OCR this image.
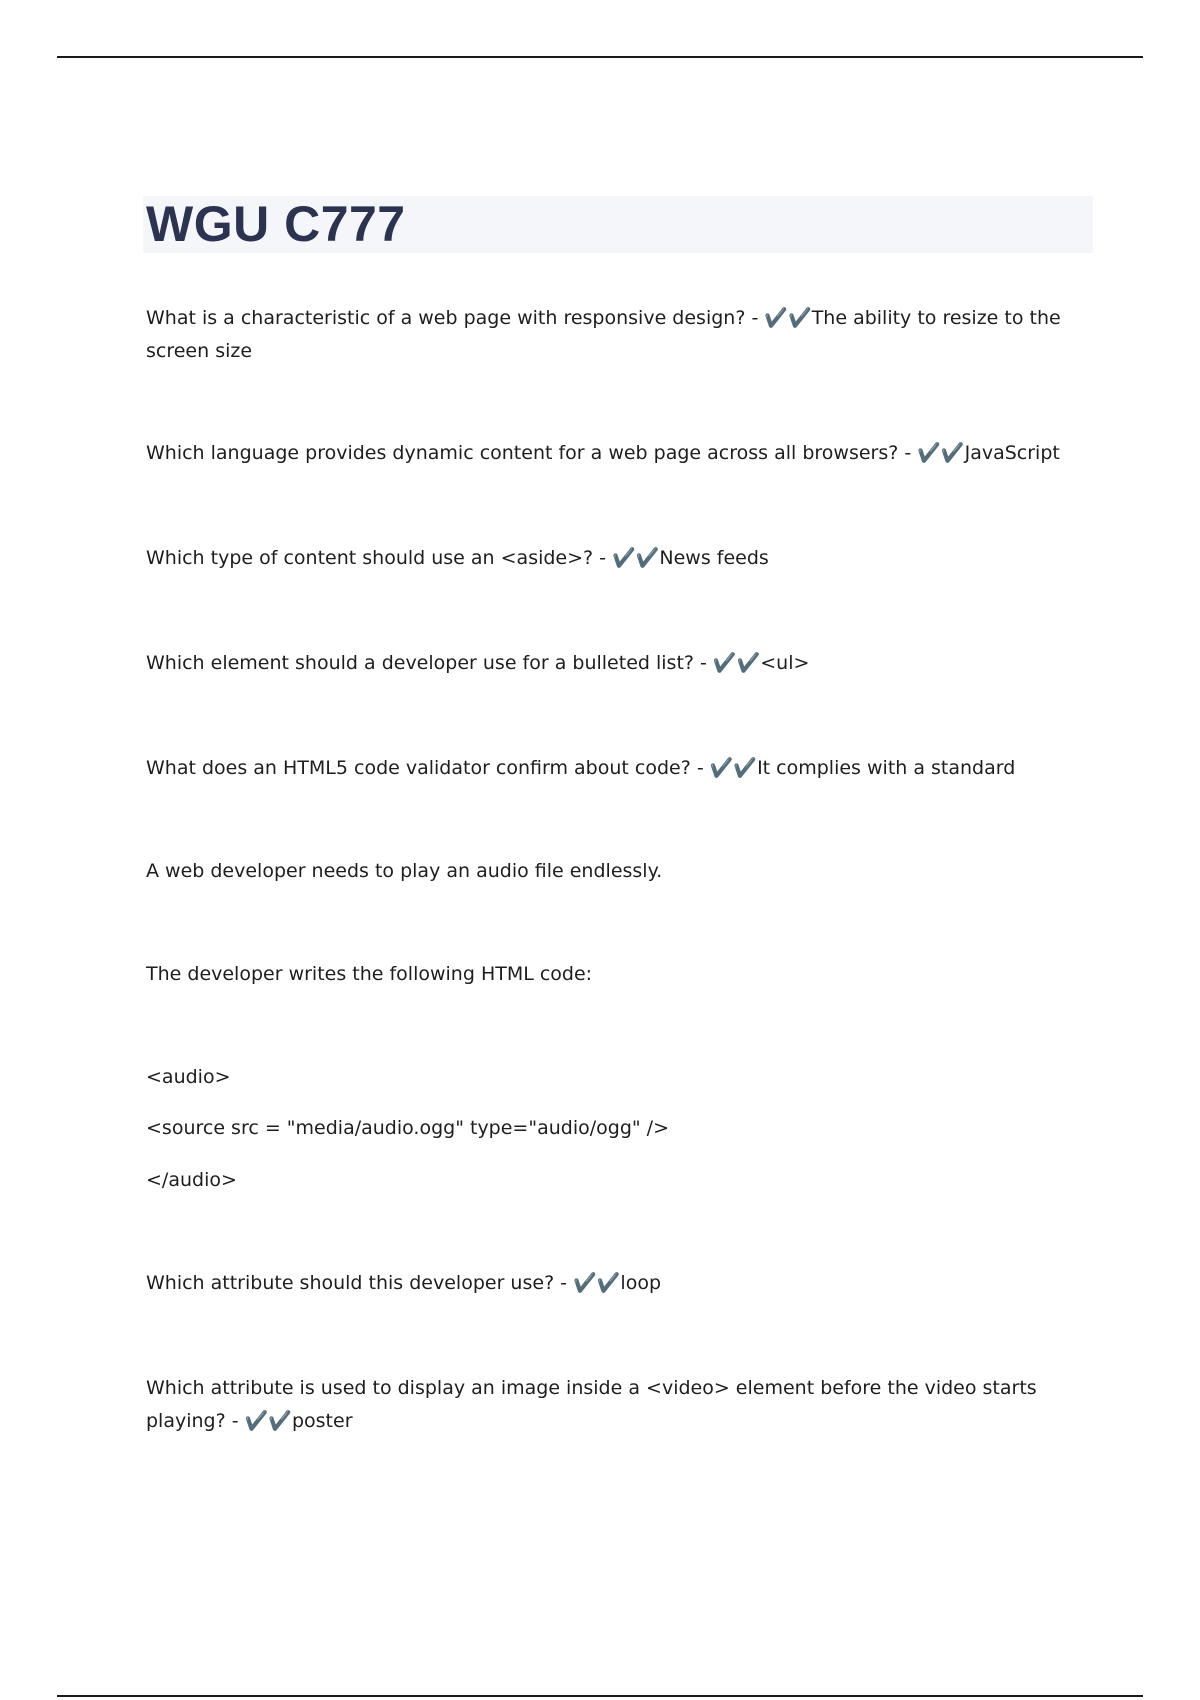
WGU C777

What is a characteristic of a web page with responsive design? - ✔️✔️The ability to resize to the screen size

Which language provides dynamic content for a web page across all browsers? - ✔️✔️JavaScript

Which type of content should use an <aside>? - ✔️✔️News feeds

Which element should a developer use for a bulleted list? - ✔️✔️<ul>

What does an HTML5 code validator confirm about code? - ✔️✔️It complies with a standard

A web developer needs to play an audio file endlessly.

The developer writes the following HTML code:

<audio>

<source src = "media/audio.ogg" type="audio/ogg" />

</audio>

Which attribute should this developer use? - ✔️✔️loop

Which attribute is used to display an image inside a <video> element before the video starts playing? - ✔️✔️poster
